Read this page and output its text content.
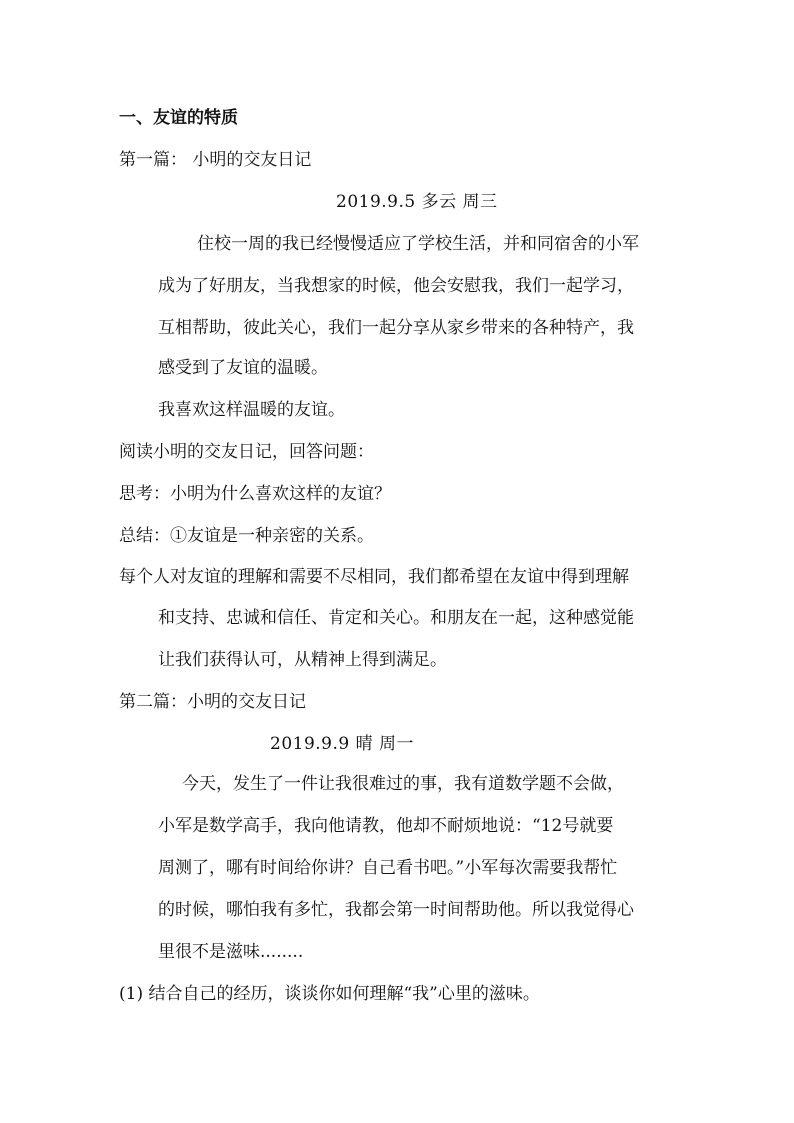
一、友谊的特质
第一篇： 小明的交友日记
2019.9.5 多云 周三
住校一周的我已经慢慢适应了学校生活，并和同宿舍的小军
成为了好朋友，当我想家的时候，他会安慰我，我们一起学习，
互相帮助，彼此关心，我们一起分享从家乡带来的各种特产，我
感受到了友谊的温暖。
我喜欢这样温暖的友谊。
阅读小明的交友日记，回答问题：
思考：小明为什么喜欢这样的友谊？
总结：①友谊是一种亲密的关系。
每个人对友谊的理解和需要不尽相同，我们都希望在友谊中得到理解
和支持、忠诚和信任、肯定和关心。和朋友在一起，这种感觉能
让我们获得认可，从精神上得到满足。
第二篇：小明的交友日记
2019.9.9 晴 周一
今天，发生了一件让我很难过的事，我有道数学题不会做，
小军是数学高手，我向他请教，他却不耐烦地说：“12号就要
周测了，哪有时间给你讲？自己看书吧。”小军每次需要我帮忙
的时候，哪怕我有多忙，我都会第一时间帮助他。所以我觉得心
里很不是滋味........
(1) 结合自己的经历，谈谈你如何理解“我”心里的滋味。
